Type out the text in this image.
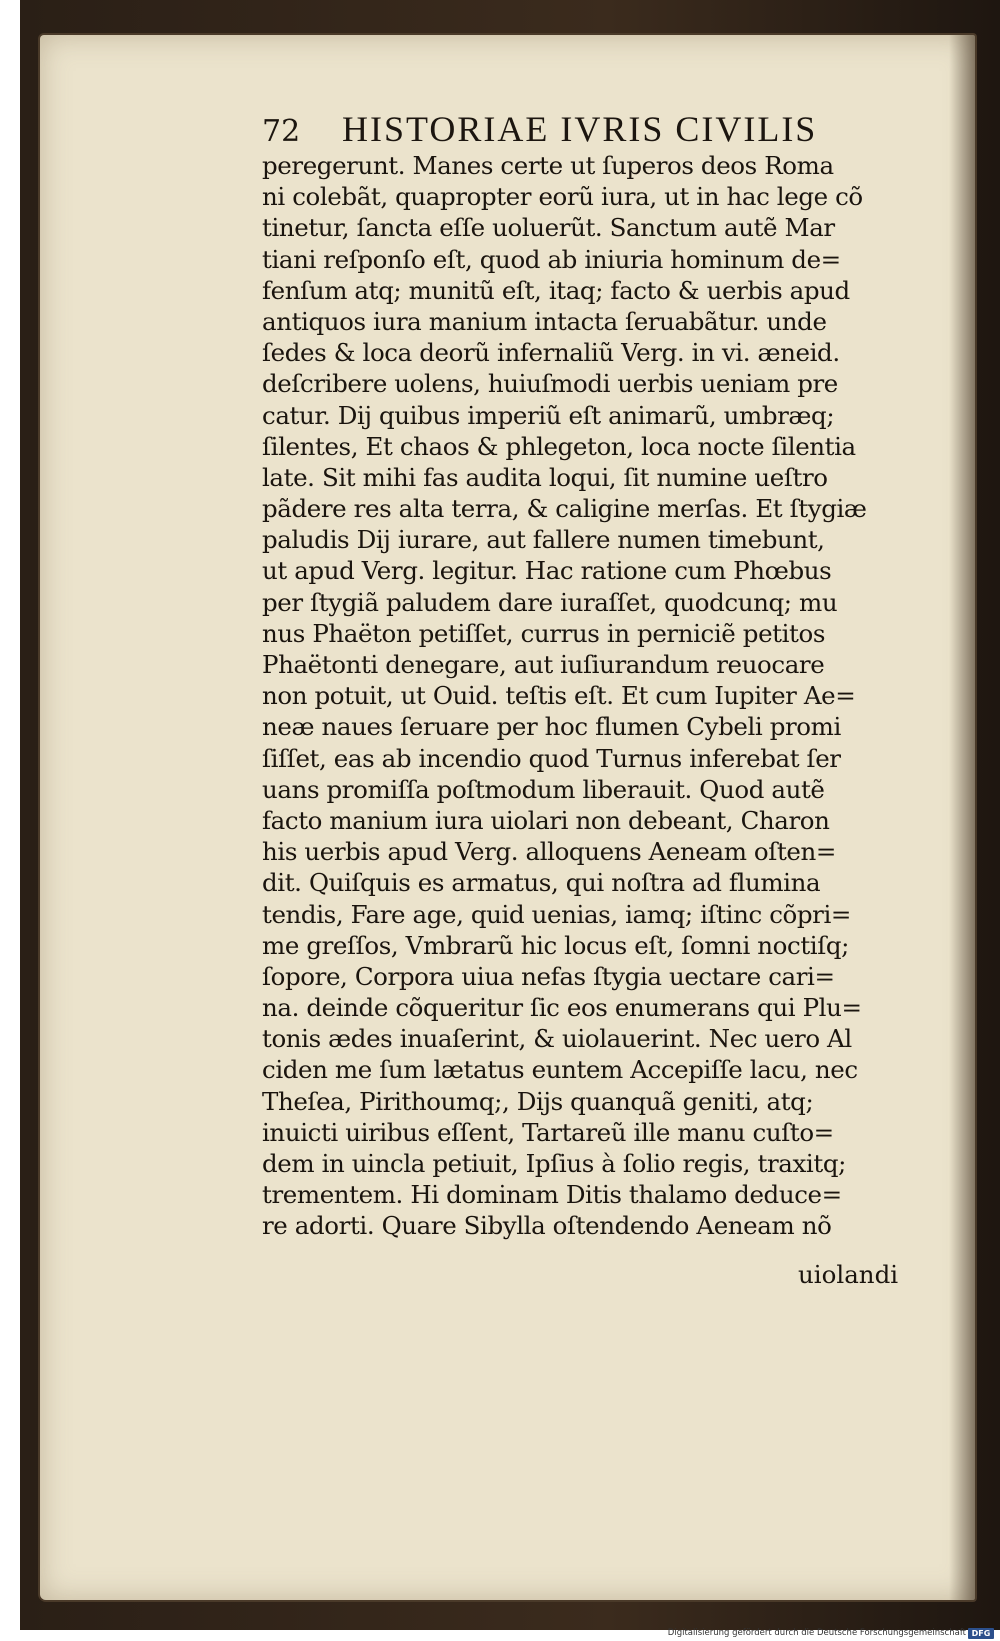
72	HISTORIAE IVRIS CIVILIS
peregerunt. Manes certe ut ſuperos deos Roma
ni colebãt, quapropter eorũ iura, ut in hac lege cõ
tinetur, ſancta eſſe uoluerũt. Sanctum autẽ Mar
tiani reſponſo eſt, quod ab iniuria hominum de=
fenſum atq; munitũ eſt, itaq; facto & uerbis apud
antiquos iura manium intacta ſeruabãtur. unde
ſedes & loca deorũ infernaliũ Verg. in vi. æneid.
deſcribere uolens, huiuſmodi uerbis ueniam pre
catur. Dij quibus imperiũ eſt animarũ, umbræq;
ſilentes, Et chaos & phlegeton, loca nocte ſilentia
late. Sit mihi fas audita loqui, ſit numine ueſtro
pãdere res alta terra, & caligine merſas. Et ſtygiæ
paludis Dij iurare, aut fallere numen timebunt,
ut apud Verg. legitur. Hac ratione cum Phœbus
per ſtygiã paludem dare iuraſſet, quodcunq; mu
nus Phaëton petiſſet, currus in perniciẽ petitos
Phaëtonti denegare, aut iuſiurandum reuocare
non potuit, ut Ouid. teſtis eſt. Et cum Iupiter Ae=
neæ naues ſeruare per hoc flumen Cybeli promi
ſiſſet, eas ab incendio quod Turnus inferebat ſer
uans promiſſa poſtmodum liberauit. Quod autẽ
facto manium iura uiolari non debeant, Charon
his uerbis apud Verg. alloquens Aeneam oſten=
dit. Quiſquis es armatus, qui noſtra ad flumina
tendis, Fare age, quid uenias, iamq; iſtinc cõpri=
me greſſos, Vmbrarũ hic locus eſt, ſomni noctiſq;
ſopore, Corpora uiua nefas ſtygia uectare cari=
na. deinde cõqueritur ſic eos enumerans qui Plu=
tonis ædes inuaſerint, & uiolauerint. Nec uero Al
ciden me ſum lætatus euntem Accepiſſe lacu, nec
Theſea, Pirithoumq;, Dijs quanquã geniti, atq;
inuicti uiribus eſſent, Tartareũ ille manu cuſto=
dem in uincla petiuit, Ipſius à ſolio regis, traxitq;
trementem. Hi dominam Ditis thalamo deduce=
re adorti. Quare Sibylla oſtendendo Aeneam nõ
uiolandi
Digitalisierung gefördert durch die Deutsche Forschungsgemeinschaft DFG
